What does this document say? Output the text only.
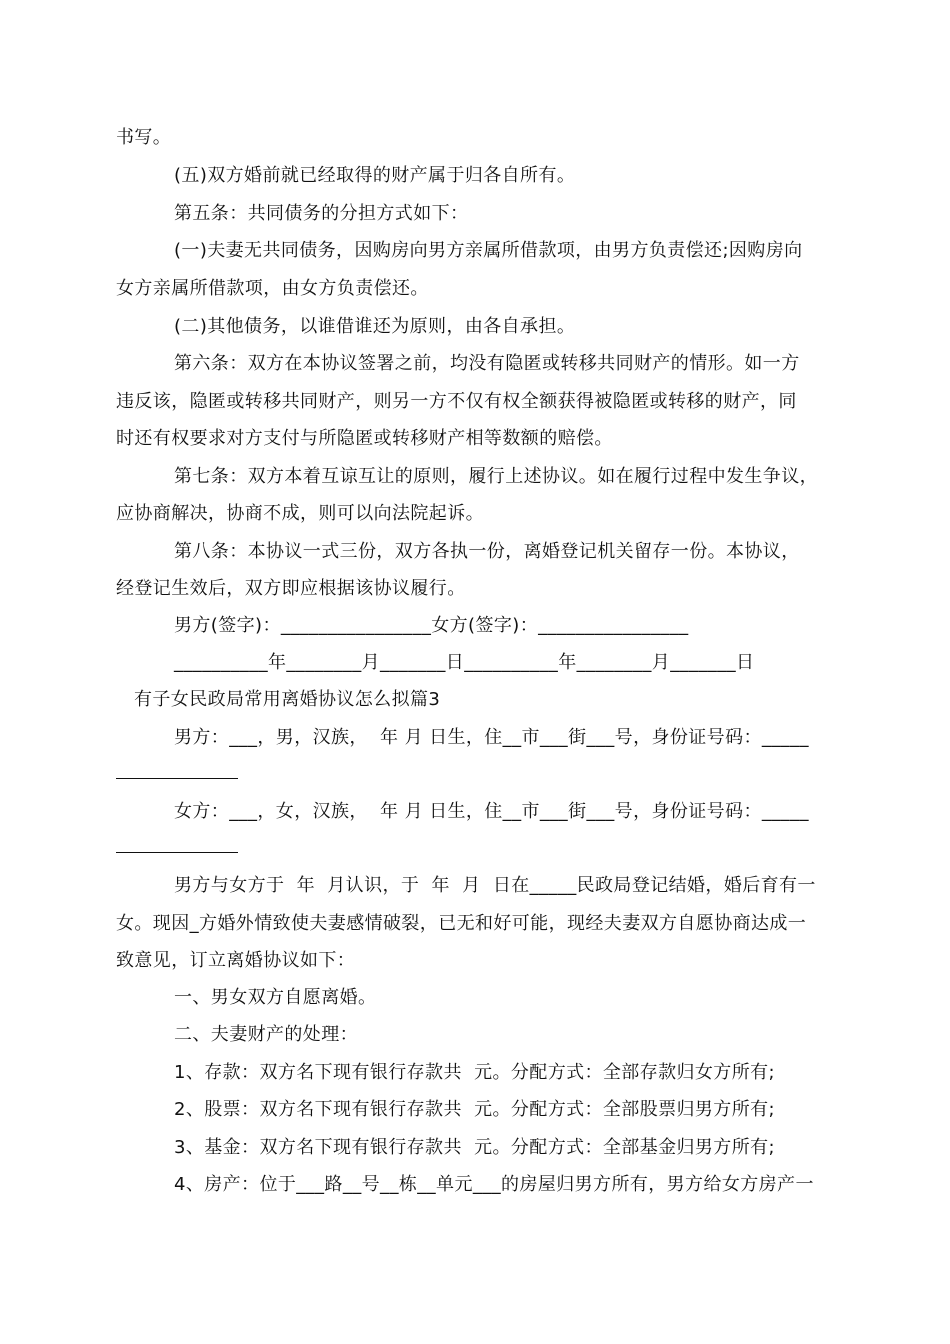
书写。
(五)双方婚前就已经取得的财产属于归各自所有。
第五条：共同债务的分担方式如下：
(一)夫妻无共同债务，因购房向男方亲属所借款项，由男方负责偿还;因购房向
女方亲属所借款项，由女方负责偿还。
(二)其他债务，以谁借谁还为原则，由各自承担。
第六条：双方在本协议签署之前，均没有隐匿或转移共同财产的情形。如一方
违反该，隐匿或转移共同财产，则另一方不仅有权全额获得被隐匿或转移的财产，同
时还有权要求对方支付与所隐匿或转移财产相等数额的赔偿。
第七条：双方本着互谅互让的原则，履行上述协议。如在履行过程中发生争议，
应协商解决，协商不成，则可以向法院起诉。
第八条：本协议一式三份，双方各执一份，离婚登记机关留存一份。本协议，
经登记生效后，双方即应根据该协议履行。
男方(签字)：________________女方(签字)：________________
__________年________月_______日__________年________月_______日
有子女民政局常用离婚协议怎么拟篇3
男方：___，男，汉族，  年 月 日生，住__市___街___号，身份证号码：_____
女方：___，女，汉族，  年 月 日生，住__市___街___号，身份证号码：_____
男方与女方于  年  月认识，于  年  月  日在_____民政局登记结婚，婚后育有一
女。现因_方婚外情致使夫妻感情破裂，已无和好可能，现经夫妻双方自愿协商达成一
致意见，订立离婚协议如下：
一、男女双方自愿离婚。
二、夫妻财产的处理：
1、存款：双方名下现有银行存款共  元。分配方式：全部存款归女方所有;
2、股票：双方名下现有银行存款共  元。分配方式：全部股票归男方所有;
3、基金：双方名下现有银行存款共  元。分配方式：全部基金归男方所有;
4、房产：位于___路__号__栋__单元___的房屋归男方所有，男方给女方房产一
